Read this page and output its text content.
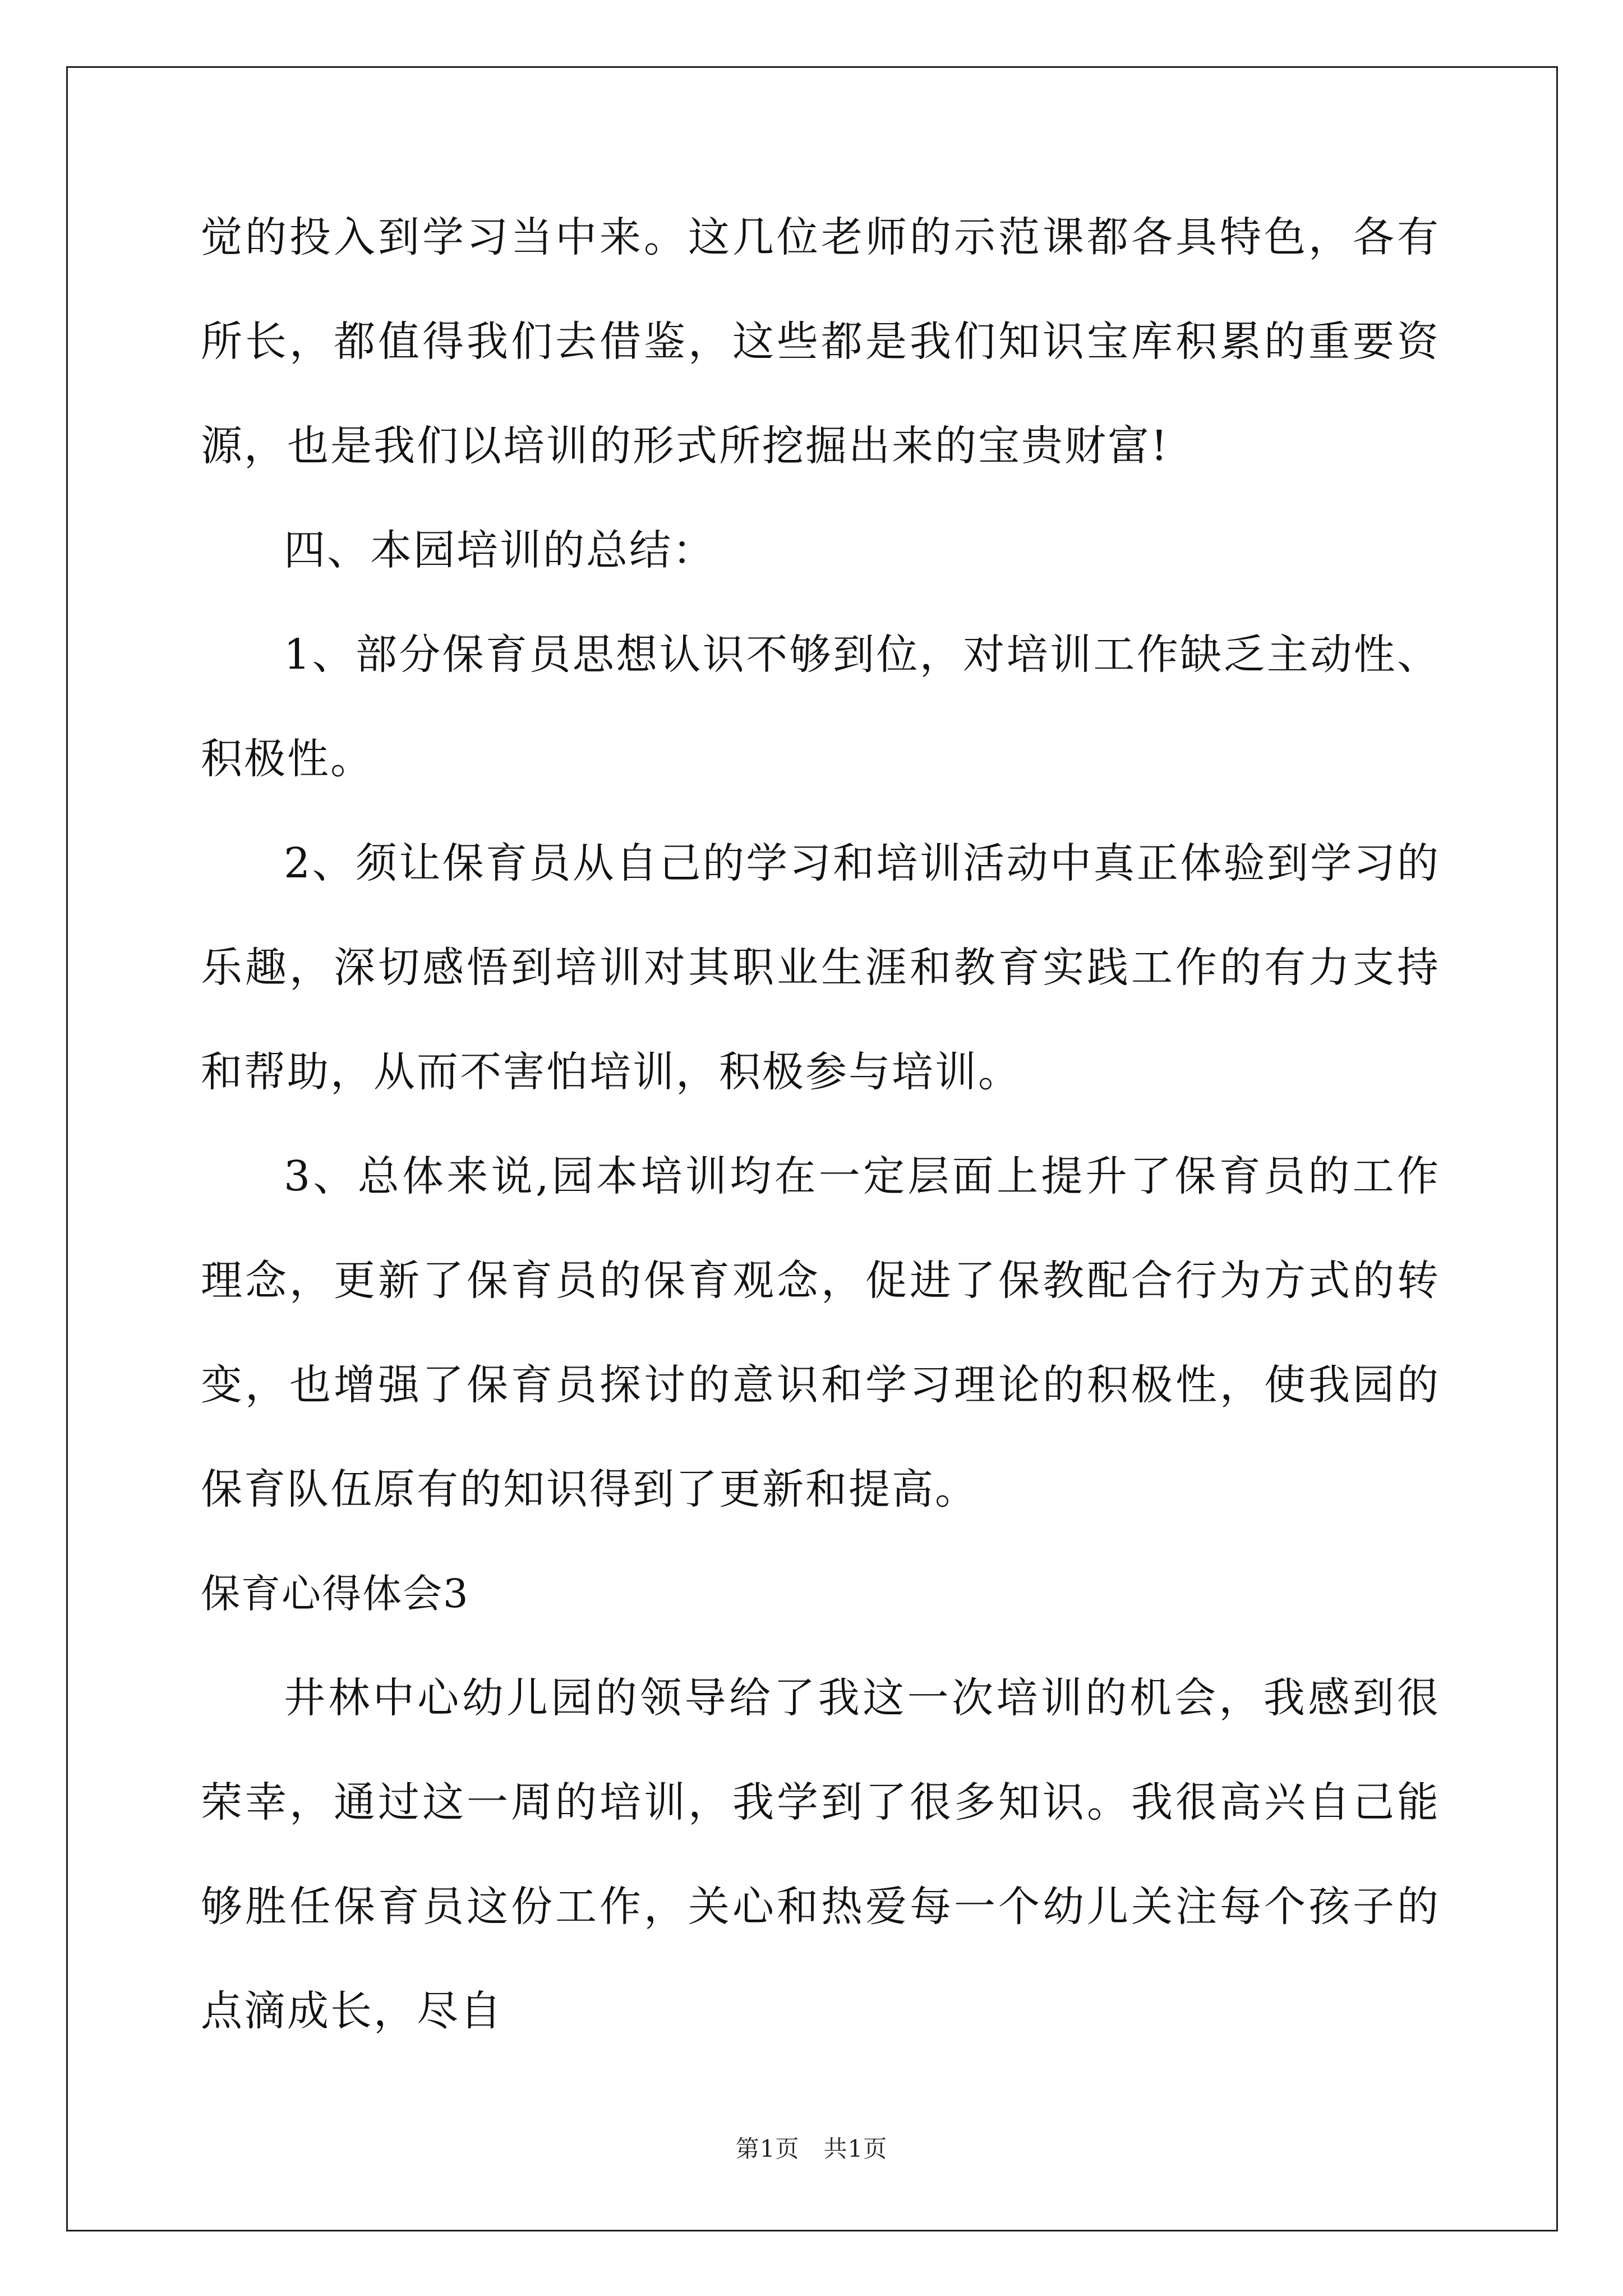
觉的投入到学习当中来。这几位老师的示范课都各具特色，各有所长，都值得我们去借鉴，这些都是我们知识宝库积累的重要资源，也是我们以培训的形式所挖掘出来的宝贵财富!

四、本园培训的总结：

1、部分保育员思想认识不够到位，对培训工作缺乏主动性、积极性。

2、须让保育员从自己的学习和培训活动中真正体验到学习的乐趣，深切感悟到培训对其职业生涯和教育实践工作的有力支持和帮助，从而不害怕培训，积极参与培训。

3、总体来说,园本培训均在一定层面上提升了保育员的工作理念，更新了保育员的保育观念，促进了保教配合行为方式的转变，也增强了保育员探讨的意识和学习理论的积极性，使我园的保育队伍原有的知识得到了更新和提高。

保育心得体会3

井林中心幼儿园的领导给了我这一次培训的机会，我感到很荣幸，通过这一周的培训，我学到了很多知识。我很高兴自己能够胜任保育员这份工作，关心和热爱每一个幼儿关注每个孩子的点滴成长，尽自

第1页　共1页
